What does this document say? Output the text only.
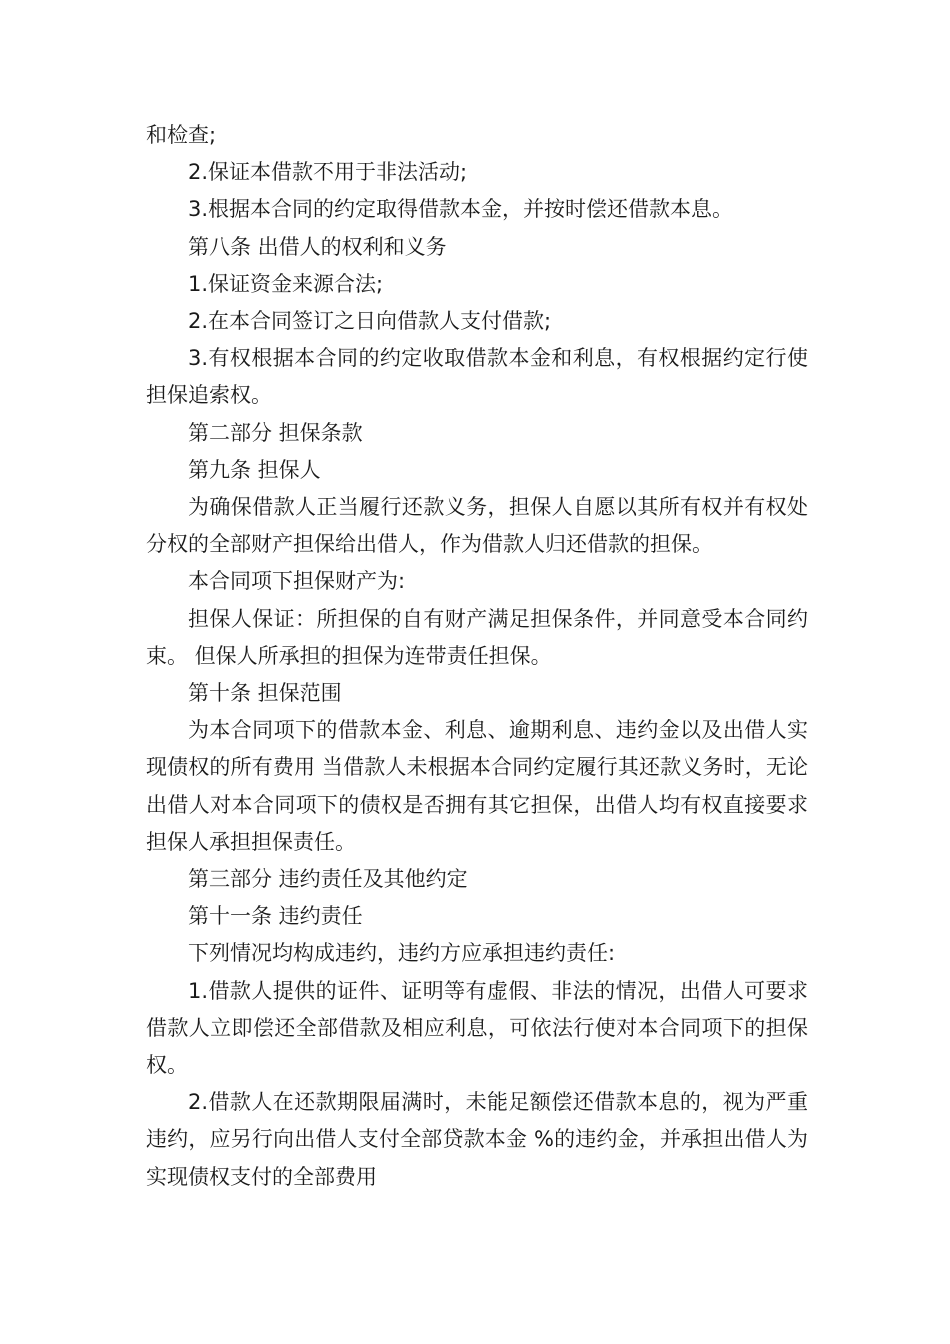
和检查;

2.保证本借款不用于非法活动;

3.根据本合同的约定取得借款本金，并按时偿还借款本息。

第八条 出借人的权利和义务

1.保证资金来源合法;

2.在本合同签订之日向借款人支付借款;

3.有权根据本合同的约定收取借款本金和利息，有权根据约定行使担保追索权。

第二部分 担保条款

第九条 担保人

为确保借款人正当履行还款义务，担保人自愿以其所有权并有权处分权的全部财产担保给出借人，作为借款人归还借款的担保。

本合同项下担保财产为:

担保人保证：所担保的自有财产满足担保条件，并同意受本合同约束。 但保人所承担的担保为连带责任担保。

第十条 担保范围

为本合同项下的借款本金、利息、逾期利息、违约金以及出借人实现债权的所有费用 当借款人未根据本合同约定履行其还款义务时，无论出借人对本合同项下的债权是否拥有其它担保，出借人均有权直接要求担保人承担担保责任。

第三部分 违约责任及其他约定

第十一条 违约责任

下列情况均构成违约，违约方应承担违约责任:

1.借款人提供的证件、证明等有虚假、非法的情况，出借人可要求借款人立即偿还全部借款及相应利息，可依法行使对本合同项下的担保权。

2.借款人在还款期限届满时，未能足额偿还借款本息的，视为严重违约，应另行向出借人支付全部贷款本金 %的违约金，并承担出借人为实现债权支付的全部费用
